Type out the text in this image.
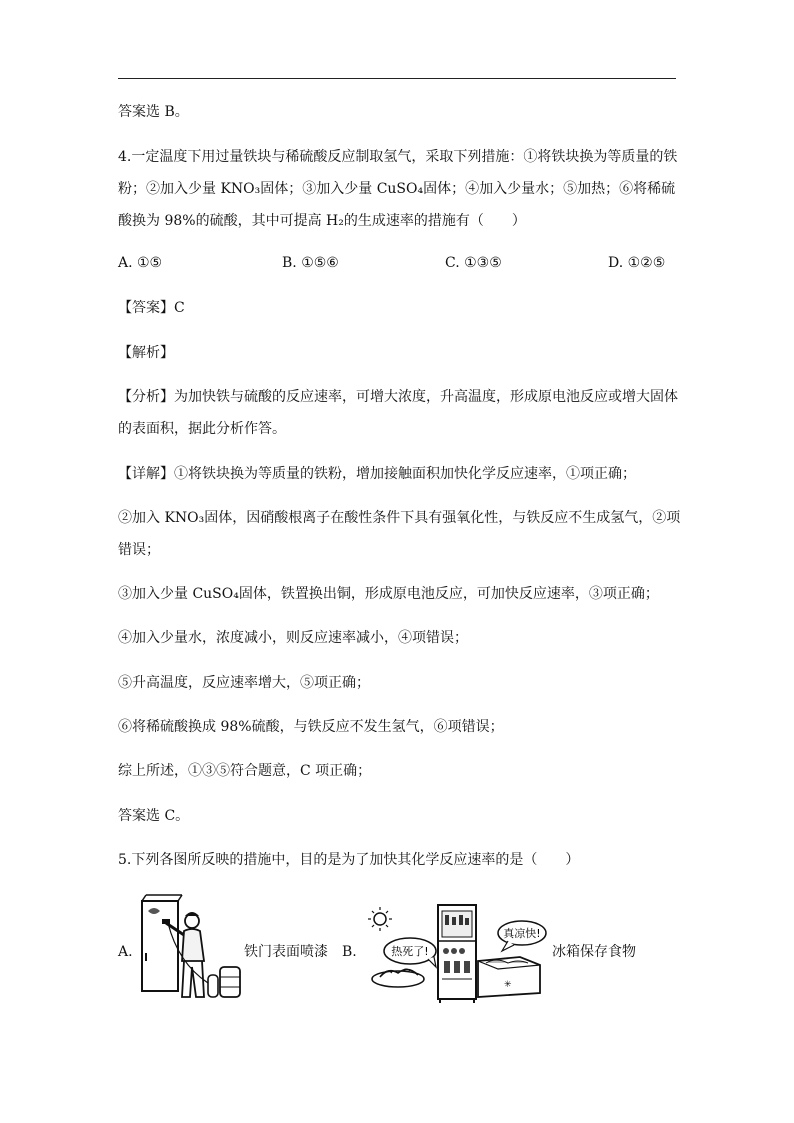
答案选 B。
4.一定温度下用过量铁块与稀硫酸反应制取氢气，采取下列措施：①将铁块换为等质量的铁
粉；②加入少量 KNO₃固体；③加入少量 CuSO₄固体；④加入少量水；⑤加热；⑥将稀硫
酸换为 98%的硫酸，其中可提高 H₂的生成速率的措施有（　　）
A. ①⑤	B. ①⑤⑥	C. ①③⑤	D. ①②⑤
【答案】C
【解析】
【分析】为加快铁与硫酸的反应速率，可增大浓度，升高温度，形成原电池反应或增大固体
的表面积，据此分析作答。
【详解】①将铁块换为等质量的铁粉，增加接触面积加快化学反应速率，①项正确；
②加入 KNO₃固体，因硝酸根离子在酸性条件下具有强氧化性，与铁反应不生成氢气，②项
错误；
③加入少量 CuSO₄固体，铁置换出铜，形成原电池反应，可加快反应速率，③项正确；
④加入少量水，浓度减小，则反应速率减小，④项错误；
⑤升高温度，反应速率增大，⑤项正确；
⑥将稀硫酸换成 98%硫酸，与铁反应不发生氢气，⑥项错误；
综上所述，①③⑤符合题意，C 项正确；
答案选 C。
5.下列各图所反映的措施中，目的是为了加快其化学反应速率的是（　　）
A.	铁门表面喷漆 B.	热死了!
真凉快!
✳
冰箱保存食物
